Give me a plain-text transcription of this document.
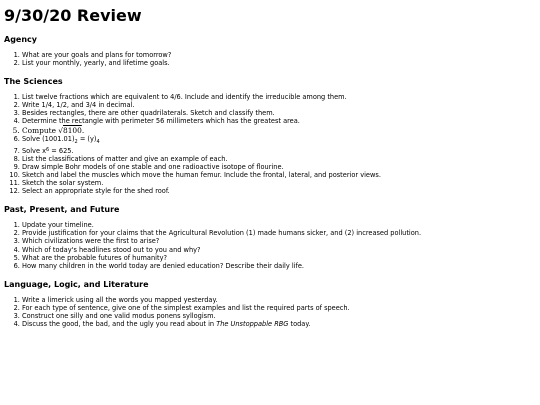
9/30/20 Review
Agency
1. What are your goals and plans for tomorrow?
2. List your monthly, yearly, and lifetime goals.
The Sciences
1. List twelve fractions which are equivalent to 4/6. Include and identify the irreducible among them.
2. Write 1/4, 1/2, and 3/4 in decimal.
3. Besides rectangles, there are other quadrilaterals. Sketch and classify them.
4. Determine the rectangle with perimeter 56 millimeters which has the greatest area.
5. Compute √8100.
6. Solve $(1001.01)_2 = (y)_4$
7. Solve $x^6 = 625$.
8. List the classifications of matter and give an example of each.
9. Draw simple Bohr models of one stable and one radioactive isotope of flourine.
10. Sketch and label the muscles which move the human femur. Include the frontal, lateral, and posterior views.
11. Sketch the solar system.
12. Select an appropriate style for the shed roof.
Past, Present, and Future
1. Update your timeline.
2. Provide justification for your claims that the Agricultural Revolution (1) made humans sicker, and (2) increased pollution.
3. Which civilizations were the first to arise?
4. Which of today's headlines stood out to you and why?
5. What are the probable futures of humanity?
6. How many children in the world today are denied education? Describe their daily life.
Language, Logic, and Literature
1. Write a limerick using all the words you mapped yesterday.
2. For each type of sentence, give one of the simplest examples and list the required parts of speech.
3. Construct one silly and one valid modus ponens syllogism.
4. Discuss the good, the bad, and the ugly you read about in The Unstoppable RBG today.
